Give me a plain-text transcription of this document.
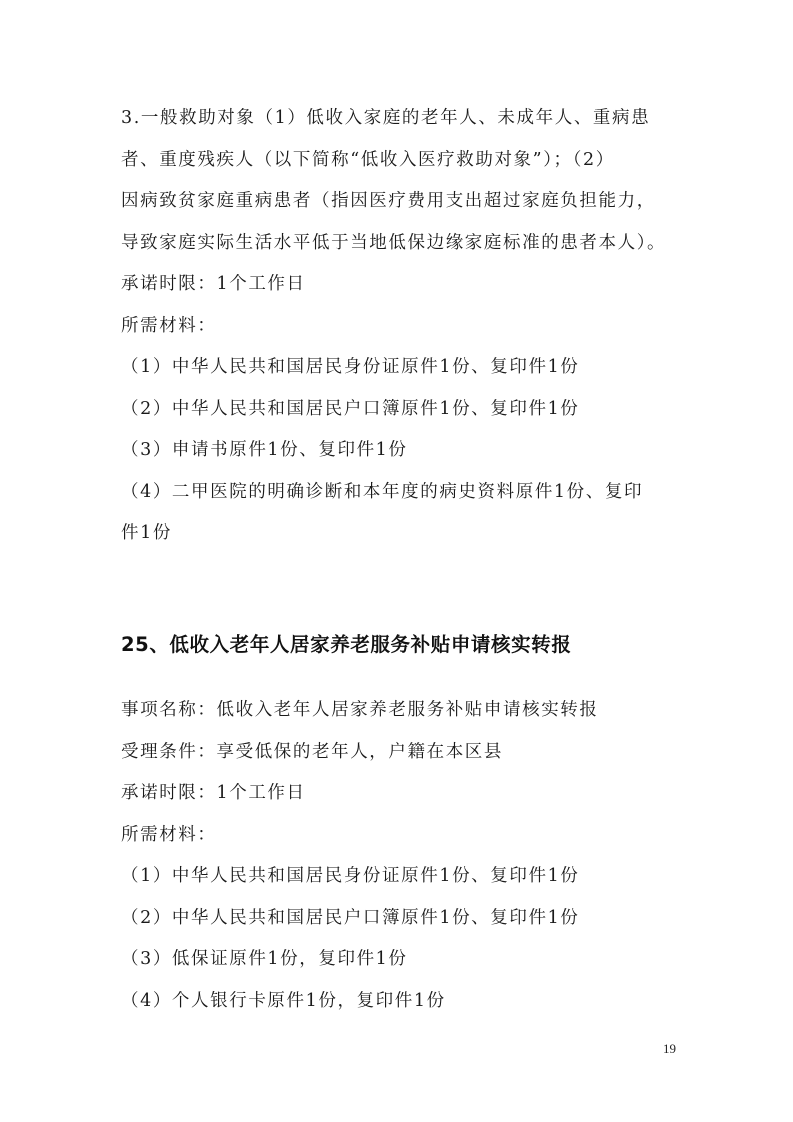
3.一般救助对象（1）低收入家庭的老年人、未成年人、重病患
者、重度残疾人（以下简称“低收入医疗救助对象”）；（2）
因病致贫家庭重病患者（指因医疗费用支出超过家庭负担能力，
导致家庭实际生活水平低于当地低保边缘家庭标准的患者本人）。
承诺时限：1个工作日
所需材料：
（1）中华人民共和国居民身份证原件1份、复印件1份
（2）中华人民共和国居民户口簿原件1份、复印件1份
（3）申请书原件1份、复印件1份
（4）二甲医院的明确诊断和本年度的病史资料原件1份、复印
件1份
25、低收入老年人居家养老服务补贴申请核实转报
事项名称：低收入老年人居家养老服务补贴申请核实转报
受理条件：享受低保的老年人，户籍在本区县
承诺时限：1个工作日
所需材料：
（1）中华人民共和国居民身份证原件1份、复印件1份
（2）中华人民共和国居民户口簿原件1份、复印件1份
（3）低保证原件1份，复印件1份
（4）个人银行卡原件1份，复印件1份
19
